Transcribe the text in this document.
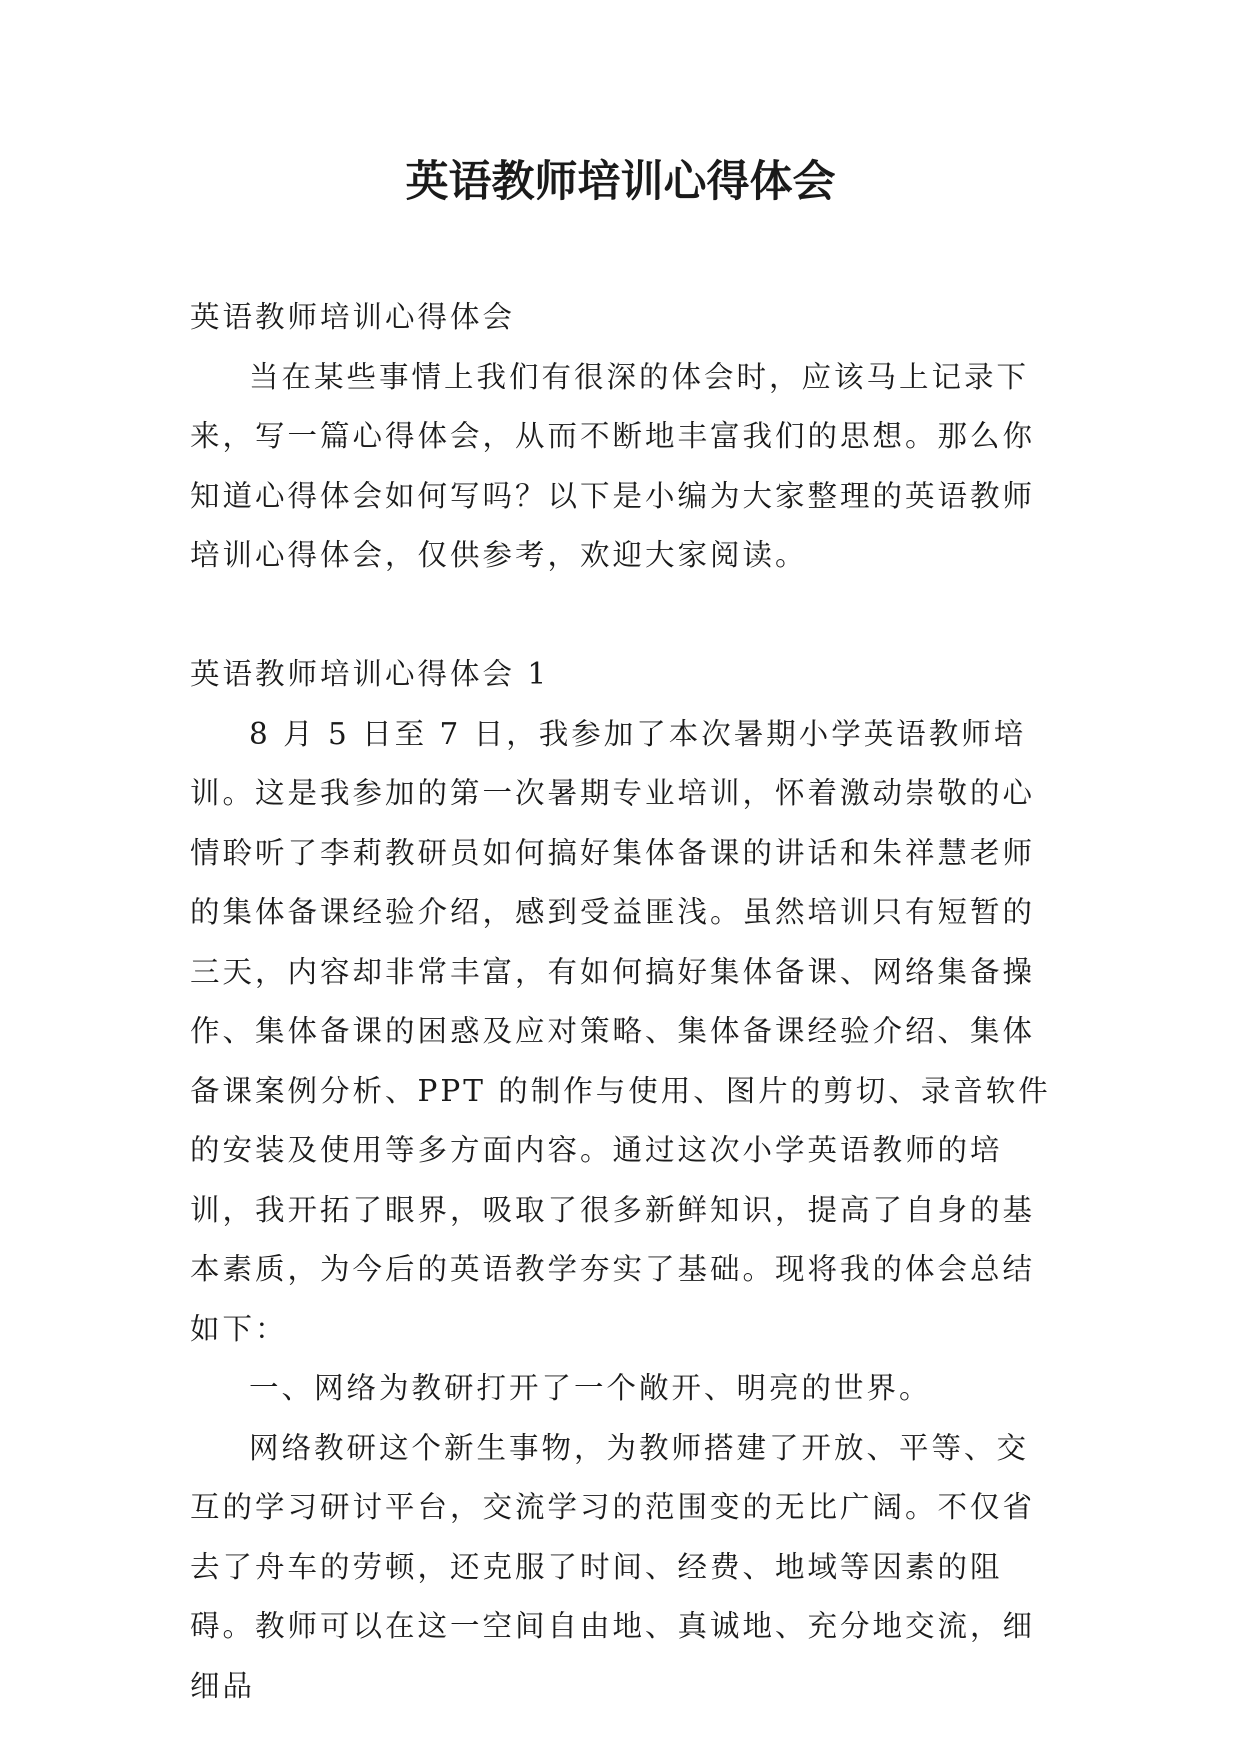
英语教师培训心得体会

英语教师培训心得体会

当在某些事情上我们有很深的体会时，应该马上记录下来，写一篇心得体会，从而不断地丰富我们的思想。那么你知道心得体会如何写吗？以下是小编为大家整理的英语教师培训心得体会，仅供参考，欢迎大家阅读。

英语教师培训心得体会 1

8 月 5 日至 7 日，我参加了本次暑期小学英语教师培训。这是我参加的第一次暑期专业培训，怀着激动崇敬的心情聆听了李莉教研员如何搞好集体备课的讲话和朱祥慧老师的集体备课经验介绍，感到受益匪浅。虽然培训只有短暂的三天，内容却非常丰富，有如何搞好集体备课、网络集备操作、集体备课的困惑及应对策略、集体备课经验介绍、集体备课案例分析、PPT 的制作与使用、图片的剪切、录音软件的安装及使用等多方面内容。通过这次小学英语教师的培训，我开拓了眼界，吸取了很多新鲜知识，提高了自身的基本素质，为今后的英语教学夯实了基础。现将我的体会总结如下：

一、网络为教研打开了一个敞开、明亮的世界。

网络教研这个新生事物，为教师搭建了开放、平等、交互的学习研讨平台，交流学习的范围变的无比广阔。不仅省去了舟车的劳顿，还克服了时间、经费、地域等因素的阻碍。教师可以在这一空间自由地、真诚地、充分地交流，细细品
